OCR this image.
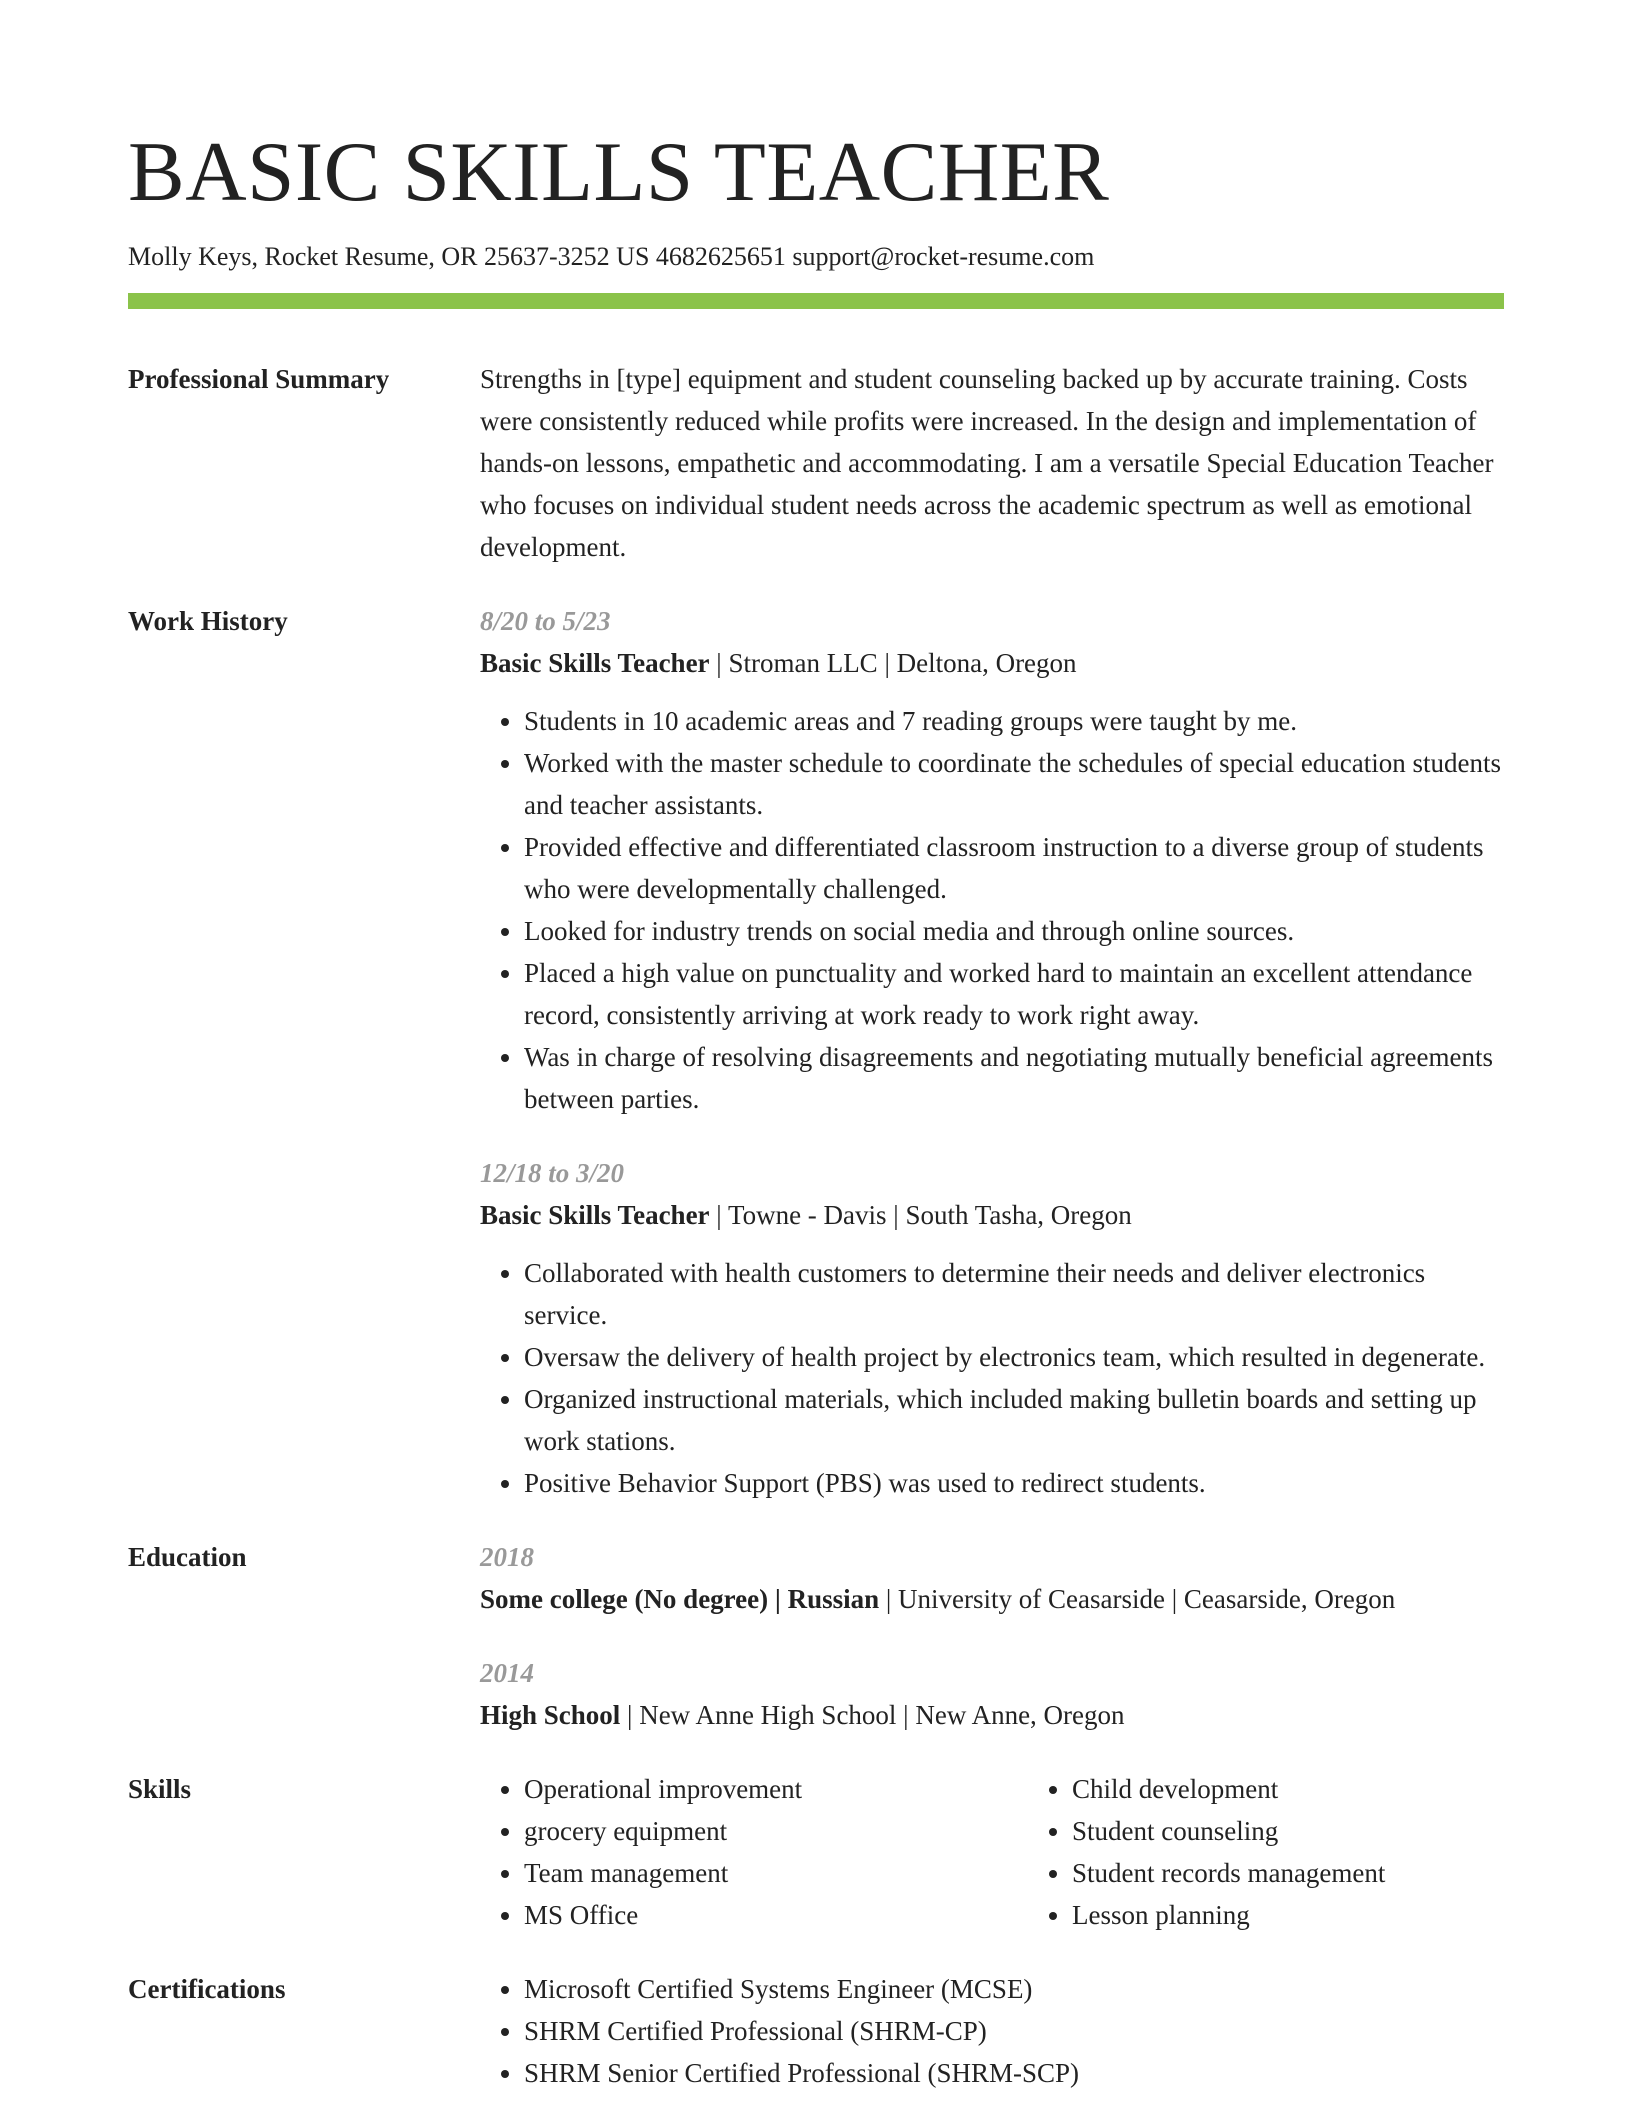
BASIC SKILLS TEACHER
Molly Keys, Rocket Resume, OR 25637-3252 US 4682625651 support@rocket-resume.com
Professional Summary	Strengths in [type] equipment and student counseling backed up by accurate training. Costs were consistently reduced while profits were increased. In the design and implementation of hands-on lessons, empathetic and accommodating. I am a versatile Special Education Teacher who focuses on individual student needs across the academic spectrum as well as emotional development.
Work History	8/20 to 5/23
Basic Skills Teacher | Stroman LLC | Deltona, Oregon
• Students in 10 academic areas and 7 reading groups were taught by me.
• Worked with the master schedule to coordinate the schedules of special education students and teacher assistants.
• Provided effective and differentiated classroom instruction to a diverse group of students who were developmentally challenged.
• Looked for industry trends on social media and through online sources.
• Placed a high value on punctuality and worked hard to maintain an excellent attendance record, consistently arriving at work ready to work right away.
• Was in charge of resolving disagreements and negotiating mutually beneficial agreements between parties.
12/18 to 3/20
Basic Skills Teacher | Towne - Davis | South Tasha, Oregon
• Collaborated with health customers to determine their needs and deliver electronics service.
• Oversaw the delivery of health project by electronics team, which resulted in degenerate.
• Organized instructional materials, which included making bulletin boards and setting up work stations.
• Positive Behavior Support (PBS) was used to redirect students.
Education	2018
Some college (No degree) | Russian | University of Ceasarside | Ceasarside, Oregon
2014
High School | New Anne High School | New Anne, Oregon
Skills	• Operational improvement
• grocery equipment
• Team management
• MS Office
• Child development
• Student counseling
• Student records management
• Lesson planning
Certifications	• Microsoft Certified Systems Engineer (MCSE)
• SHRM Certified Professional (SHRM-CP)
• SHRM Senior Certified Professional (SHRM-SCP)
